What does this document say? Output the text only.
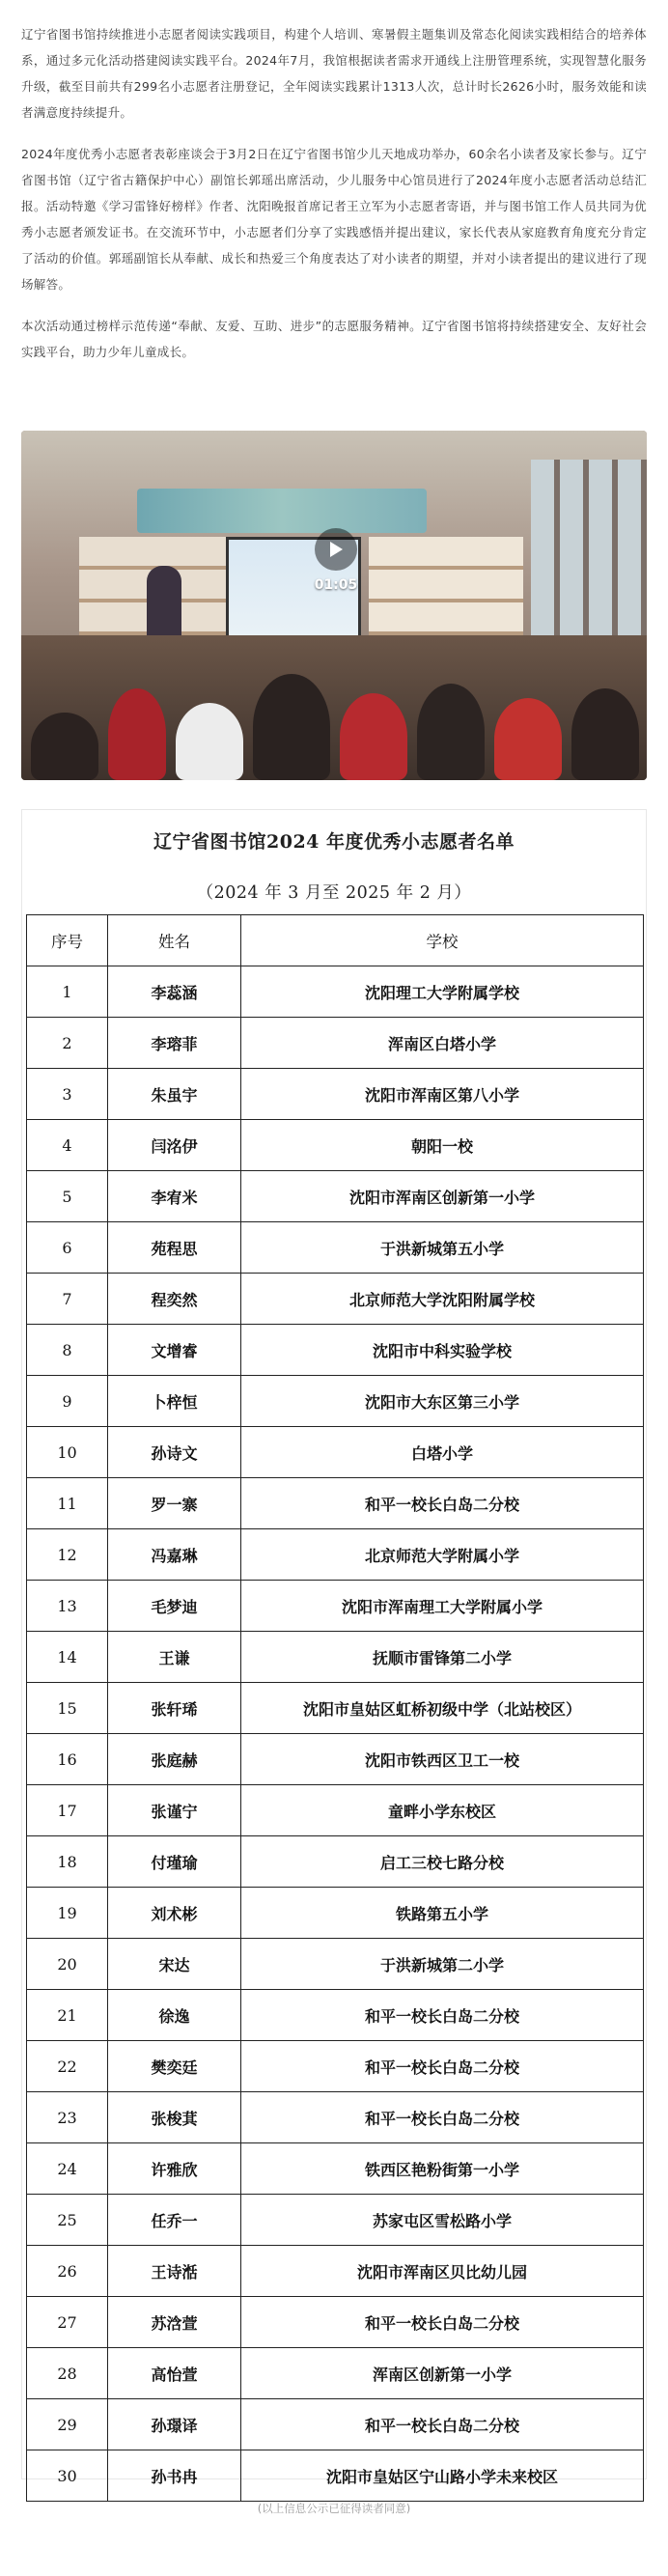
辽宁省图书馆持续推进小志愿者阅读实践项目，构建个人培训、寒暑假主题集训及常态化阅读实践相结合的培养体系，通过多元化活动搭建阅读实践平台。2024年7月，我馆根据读者需求开通线上注册管理系统，实现智慧化服务升级，截至目前共有299名小志愿者注册登记，全年阅读实践累计1313人次，总计时长2626小时，服务效能和读者满意度持续提升。

2024年度优秀小志愿者表彰座谈会于3月2日在辽宁省图书馆少儿天地成功举办，60余名小读者及家长参与。辽宁省图书馆（辽宁省古籍保护中心）副馆长郭瑶出席活动，少儿服务中心馆员进行了2024年度小志愿者活动总结汇报。活动特邀《学习雷锋好榜样》作者、沈阳晚报首席记者王立军为小志愿者寄语，并与图书馆工作人员共同为优秀小志愿者颁发证书。在交流环节中，小志愿者们分享了实践感悟并提出建议，家长代表从家庭教育角度充分肯定了活动的价值。郭瑶副馆长从奉献、成长和热爱三个角度表达了对小读者的期望，并对小读者提出的建议进行了现场解答。

本次活动通过榜样示范传递“奉献、友爱、互助、进步”的志愿服务精神。辽宁省图书馆将持续搭建安全、友好社会实践平台，助力少年儿童成长。

01:05
辽宁省图书馆2024 年度优秀小志愿者名单
（2024 年 3 月至 2025 年 2 月）
序号	姓名	学校
1	李蕊涵	沈阳理工大学附属学校
2	李瑢菲	浑南区白塔小学
3	朱虽宇	沈阳市浑南区第八小学
4	闫洺伊	朝阳一校
5	李宥米	沈阳市浑南区创新第一小学
6	苑程思	于洪新城第五小学
7	程奕然	北京师范大学沈阳附属学校
8	文增睿	沈阳市中科实验学校
9	卜梓恒	沈阳市大东区第三小学
10	孙诗文	白塔小学
11	罗一寨	和平一校长白岛二分校
12	冯嘉琳	北京师范大学附属小学
13	毛梦迪	沈阳市浑南理工大学附属小学
14	王谦	抚顺市雷锋第二小学
15	张轩琋	沈阳市皇姑区虹桥初级中学（北站校区）
16	张庭赫	沈阳市铁西区卫工一校
17	张谨宁	童畔小学东校区
18	付瑾瑜	启工三校七路分校
19	刘术彬	铁路第五小学
20	宋达	于洪新城第二小学
21	徐逸	和平一校长白岛二分校
22	樊奕廷	和平一校长白岛二分校
23	张梭萁	和平一校长白岛二分校
24	许雅欣	铁西区艳粉街第一小学
25	任乔一	苏家屯区雪松路小学
26	王诗湉	沈阳市浑南区贝比幼儿园
27	苏浛萱	和平一校长白岛二分校
28	高怡萱	浑南区创新第一小学
29	孙璟译	和平一校长白岛二分校
30	孙书冉	沈阳市皇姑区宁山路小学未来校区
(以上信息公示已征得读者同意)
